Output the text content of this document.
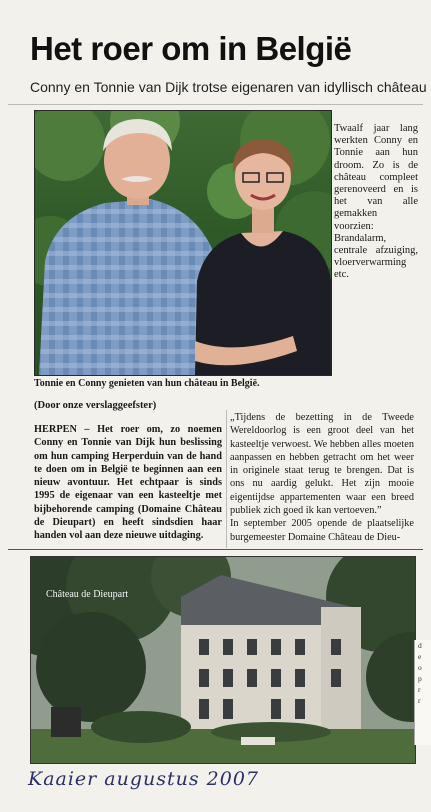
Het roer om in België
Conny en Tonnie van Dijk trotse eigenaren van idyllisch château
Twaalf jaar lang werkten Conny en Tonnie aan hun droom. Zo is de château compleet gerenoveerd en is het van alle gemakken voorzien: Brandalarm, centrale afzuiging, vloerverwarming etc.
Tonnie en Conny genieten van hun château in België.
(Door onze verslaggeefster)
HERPEN – Het roer om, zo noemen Conny en Tonnie van Dijk hun beslissing om hun camping Herperduin van de hand te doen om in België te beginnen aan een nieuw avontuur. Het echtpaar is sinds 1995 de eigenaar van een kasteeltje met bijbehorende camping (Domaine Château de Dieupart) en heeft sindsdien haar handen vol aan deze nieuwe uitdaging.

„Tijdens de bezetting in de Tweede Wereldoorlog is een groot deel van het kasteeltje verwoest. We hebben alles moeten aanpassen en hebben getracht om het weer in originele staat terug te brengen. Dat is ons nu aardig gelukt. Het zijn mooie eigentijdse appartementen waar een breed publiek zich goed ik kan vertoeven.”

In september 2005 opende de plaatselijke burgemeester Domaine Château de Dieu-

Château de Dieupart
d
e
o
p
r
r
Kaaier augustus 2007
